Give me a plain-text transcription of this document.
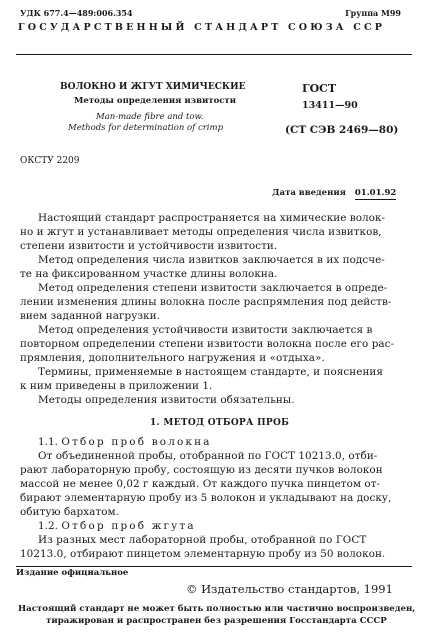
УДК 677.4—489:006.354	Группа М99
ГОСУДАРСТВЕННЫЙ СТАНДАРТ СОЮЗА ССР
ВОЛОКНО И ЖГУТ ХИМИЧЕСКИЕ
Методы определения извитости
Man-made fibre and tow.
Methods for determination of crimp
ГОСТ
13411—90
(СТ СЭВ 2469—80)
ОКСТУ 2209
Дата введения 01.01.92
Настоящий стандарт распространяется на химические волок-
но и жгут и устанавливает методы определения числа извитков,
степени извитости и устойчивости извитости.
Метод определения числа извитков заключается в их подсче-
те на фиксированном участке длины волокна.
Метод определения степени извитости заключается в опреде-
лении изменения длины волокна после распрямления под действ-
вием заданной нагрузки.
Метод определения устойчивости извитости заключается в
повторном определении степени извитости волокна после его рас-
прямления, дополнительного нагружения и «отдыха».
Термины, применяемые в настоящем стандарте, и пояснения
к ним приведены в приложении 1.
Методы определения извитости обязательны.
1. МЕТОД ОТБОРА ПРОБ
1.1. Отбор проб волокна
От объединенной пробы, отобранной по ГОСТ 10213.0, отби-
рают лабораторную пробу, состоящую из десяти пучков волокон
массой не менее 0,02 г каждый. От каждого пучка пинцетом от-
бирают элементарную пробу из 5 волокон и укладывают на доску,
обитую бархатом.
1.2. Отбор проб жгута
Из разных мест лабораторной пробы, отобранной по ГОСТ
10213.0, отбирают пинцетом элементарную пробу из 50 волокон.
Издание официальное
© Издательство стандартов, 1991
Настоящий стандарт не может быть полностью или частично воспроизведен,
тиражирован и распространен без разрешения Госстандарта СССР
